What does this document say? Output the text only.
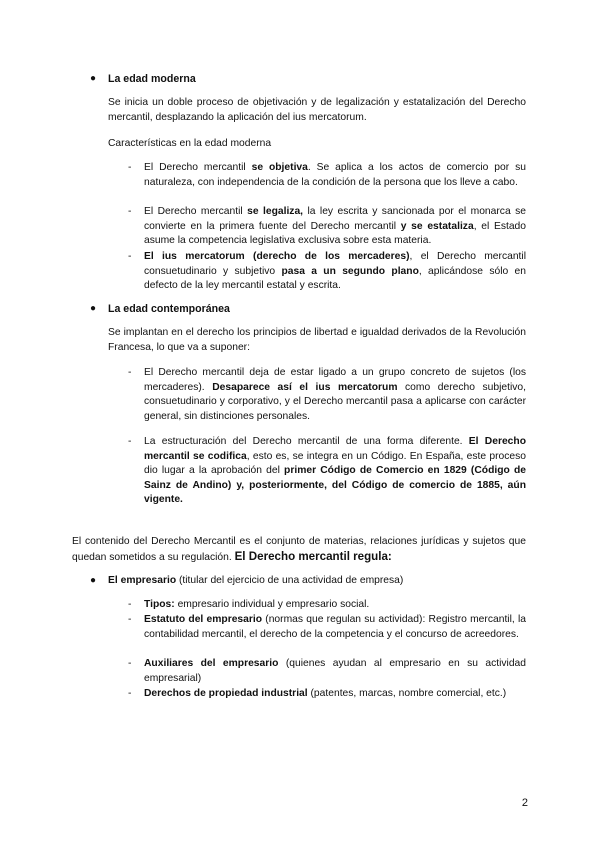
● La edad moderna
Se inicia un doble proceso de objetivación y de legalización y estatalización del Derecho mercantil, desplazando la aplicación del ius mercatorum.
Características en la edad moderna
- El Derecho mercantil se objetiva. Se aplica a los actos de comercio por su naturaleza, con independencia de la condición de la persona que los lleve a cabo.
- El Derecho mercantil se legaliza, la ley escrita y sancionada por el monarca se convierte en la primera fuente del Derecho mercantil y se estataliza, el Estado asume la competencia legislativa exclusiva sobre esta materia.
- El ius mercatorum (derecho de los mercaderes), el Derecho mercantil consuetudinario y subjetivo pasa a un segundo plano, aplicándose sólo en defecto de la ley mercantil estatal y escrita.
● La edad contemporánea
Se implantan en el derecho los principios de libertad e igualdad derivados de la Revolución Francesa, lo que va a suponer:
- El Derecho mercantil deja de estar ligado a un grupo concreto de sujetos (los mercaderes). Desaparece así el ius mercatorum como derecho subjetivo, consuetudinario y corporativo, y el Derecho mercantil pasa a aplicarse con carácter general, sin distinciones personales.
- La estructuración del Derecho mercantil de una forma diferente. El Derecho mercantil se codifica, esto es, se integra en un Código. En España, este proceso dio lugar a la aprobación del primer Código de Comercio en 1829 (Código de Sainz de Andino) y, posteriormente, del Código de comercio de 1885, aún vigente.
El contenido del Derecho Mercantil es el conjunto de materias, relaciones jurídicas y sujetos que quedan sometidos a su regulación. El Derecho mercantil regula:
● El empresario (titular del ejercicio de una actividad de empresa)
- Tipos: empresario individual y empresario social.
- Estatuto del empresario (normas que regulan su actividad): Registro mercantil, la contabilidad mercantil, el derecho de la competencia y el concurso de acreedores.
- Auxiliares del empresario (quienes ayudan al empresario en su actividad empresarial)
- Derechos de propiedad industrial (patentes, marcas, nombre comercial, etc.)
2
